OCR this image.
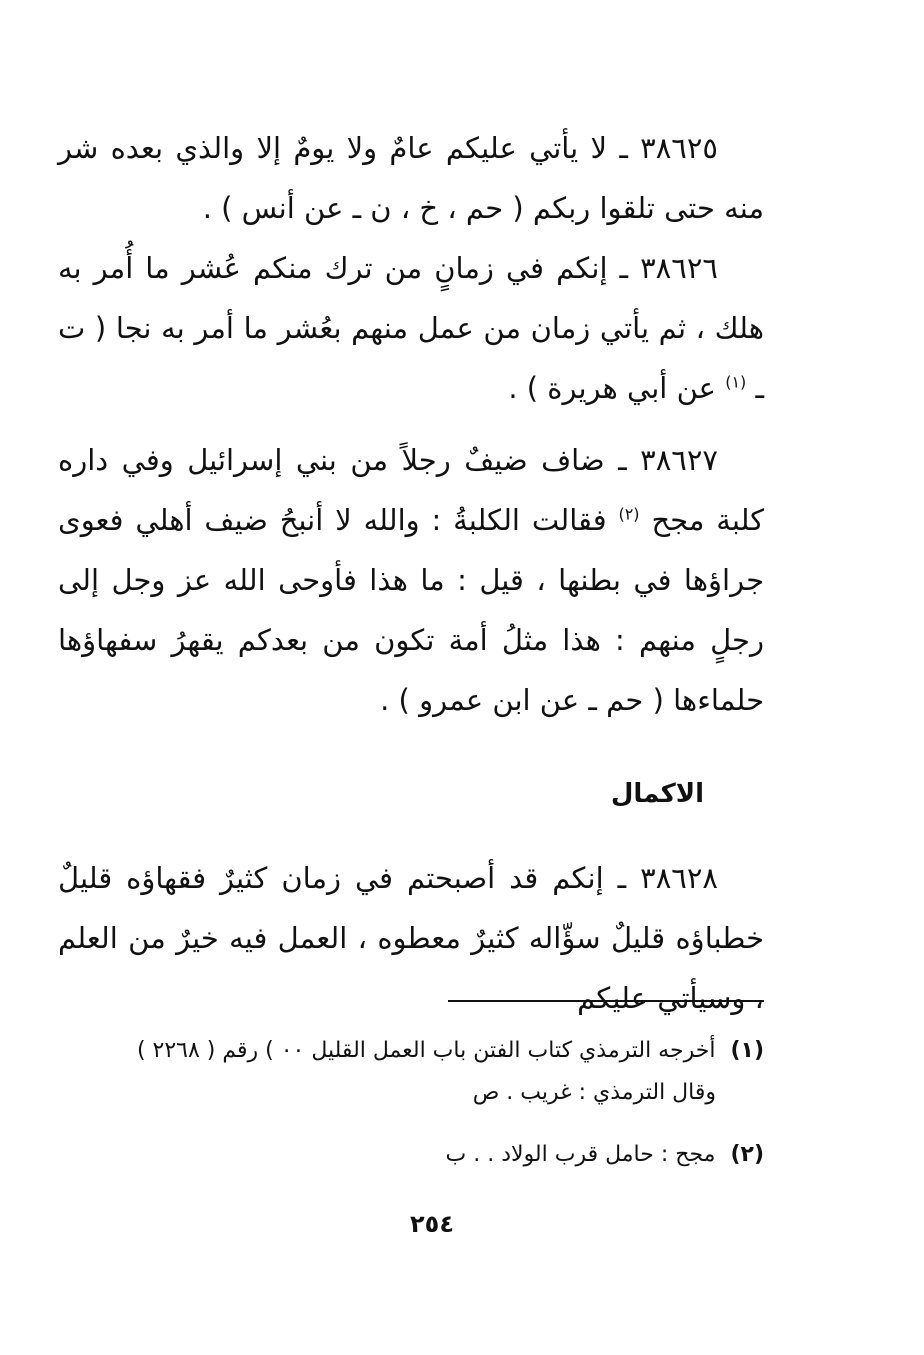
٣٨٦٢٥ ـ لا يأتي عليكم عامٌ ولا يومٌ إلا والذي بعده شر منه حتى تلقوا ربكم ( حم ، خ ، ن ـ عن أنس ) .

٣٨٦٢٦ ـ إنكم في زمانٍ من ترك منكم عُشر ما أُمر به هلك ، ثم يأتي زمان من عمل منهم بعُشر ما أمر به نجا ( ت ـ $^{(١)}$ عن أبي هريرة ) .

٣٨٦٢٧ ـ ضاف ضيفٌ رجلاً من بني إسرائيل وفي داره كلبة مجح $^{(٢)}$ فقالت الكلبةُ : والله لا أنبحُ ضيف أهلي فعوى جراؤها في بطنها ، قيل : ما هذا فأوحى الله عز وجل إلى رجلٍ منهم : هذا مثلُ أمة تكون من بعدكم يقهرُ سفهاؤها حلماءها ( حم ـ عن ابن عمرو ) .

الاكمال

٣٨٦٢٨ ـ إنكم قد أصبحتم في زمان كثيرٌ فقهاؤه قليلٌ خطباؤه قليلٌ سؤّاله كثيرٌ معطوه ، العمل فيه خيرٌ من العلم ، وسيأتي عليكم

(١) أخرجه الترمذي كتاب الفتن باب العمل القليل ٠٠ ) رقم ( ٢٢٦٨ )

وقال الترمذي : غريب . ص

(٢) مجح : حامل قرب الولاد . . ب

٢٥٤
